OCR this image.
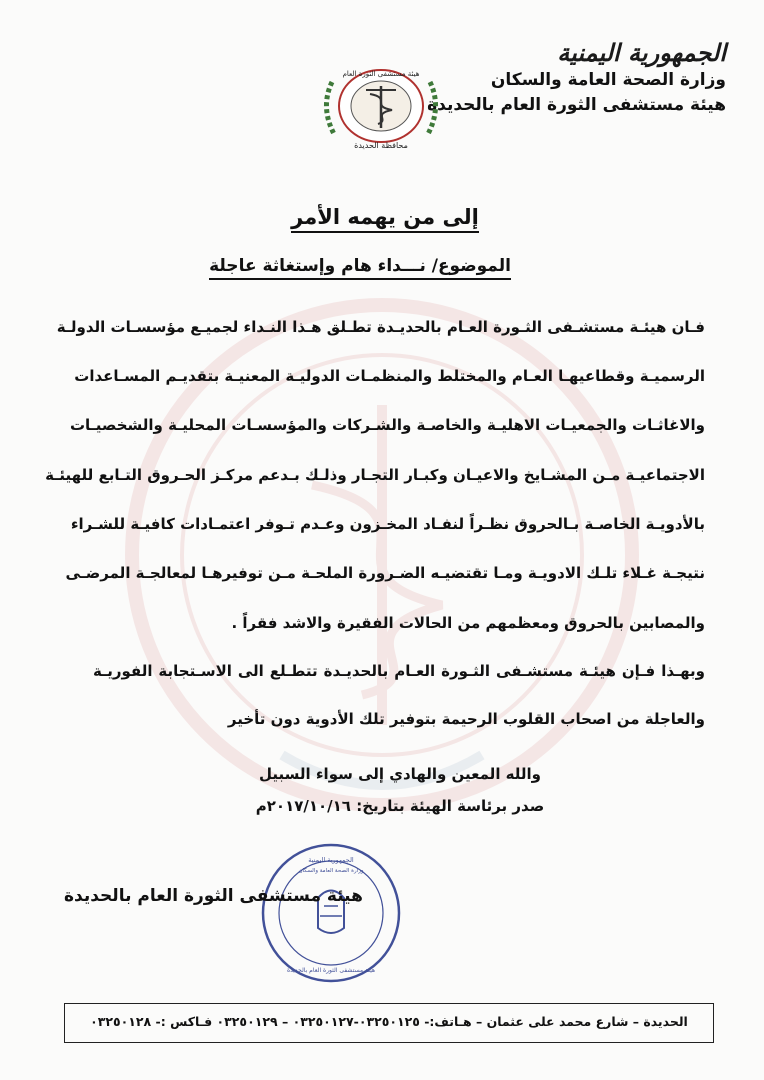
الجمهورية اليمنية
وزارة الصحة العامة والسكان
هيئة مستشفى الثورة العام بالحديدة
هيئة مستشفى الثورة العام
محافظة الحديدة
إلى من يهمه الأمر
الموضوع/ نـــداء هام وإستغاثة عاجلة
فـان هيئـة مستشـفى الثـورة العـام بالحديـدة تطـلق هـذا النـداء لجميـع مؤسسـات الدولـة
الرسميـة وقطاعيهـا العـام والمختلط والمنظمـات الدوليـة المعنيـة بتقديـم المسـاعدات
والاغاثـات والجمعيـات الاهليـة والخاصـة والشـركات والمؤسسـات المحليـة والشخصيـات
الاجتماعيـة مـن المشـايخ والاعيـان وكبـار التجـار وذلـك بـدعم مركـز الحـروق التـابع للهيئـة
بالأدويـة الخاصـة بـالحروق نظـراً لنفـاد المخـزون وعـدم تـوفر اعتمـادات كافيـة للشـراء
نتيجـة غـلاء تلـك الادويـة ومـا تقتضيـه الضـرورة الملحـة مـن توفيرهـا لمعالجـة المرضـى
والمصابين بالحروق ومعظمهم من الحالات الفقيرة والاشد فقراً .
وبهـذا فـإن هيئـة مستشـفى الثـورة العـام بالحديـدة تتطـلع الى الاسـتجابة الفوريـة
والعاجلة من اصحاب القلوب الرحيمة بتوفير تلك الأدوية دون تأخير
والله المعين والهادي إلى سواء السبيل
صدر برئاسة الهيئة بتاريخ: ٢٠١٧/١٠/١٦م
الجمهورية اليمنية
وزارة الصحة العامة والسكان
هيئة مستشفى الثورة العام بالحديدة
هيئة مستشفى الثورة العام بالحديدة
الحديدة – شارع محمد على عثمان – هـاتف:- ٠٣٢٥٠١٢٥-٠٣٢٥٠١٢٧ – ٠٣٢٥٠١٢٩ فـاكس :- ٠٣٢٥٠١٢٨
